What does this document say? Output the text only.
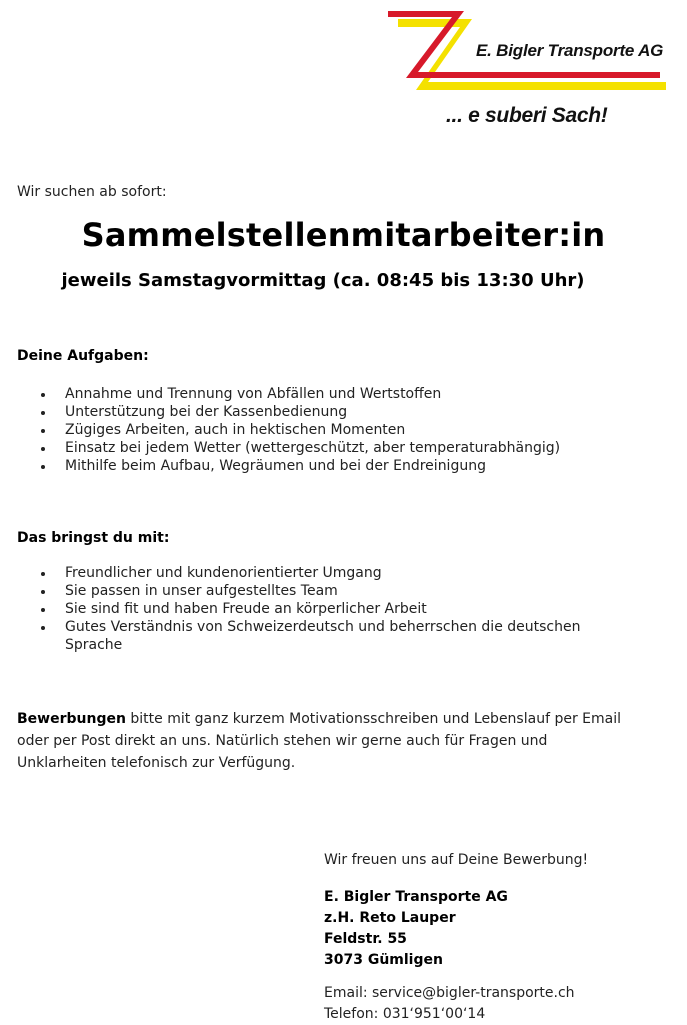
E. Bigler Transporte AG
... e suberi Sach!
Wir suchen ab sofort:
Sammelstellenmitarbeiter:in
jeweils Samstagvormittag (ca. 08:45 bis 13:30 Uhr)
Deine Aufgaben:
Annahme und Trennung von Abfällen und Wertstoffen
Unterstützung bei der Kassenbedienung
Zügiges Arbeiten, auch in hektischen Momenten
Einsatz bei jedem Wetter (wettergeschützt, aber temperaturabhängig)
Mithilfe beim Aufbau, Wegräumen und bei der Endreinigung
Das bringst du mit:
Freundlicher und kundenorientierter Umgang
Sie passen in unser aufgestelltes Team
Sie sind fit und haben Freude an körperlicher Arbeit
Gutes Verständnis von Schweizerdeutsch und beherrschen die deutschen Sprache
Bewerbungen bitte mit ganz kurzem Motivationsschreiben und Lebenslauf per Email oder per Post direkt an uns. Natürlich stehen wir gerne auch für Fragen und Unklarheiten telefonisch zur Verfügung.
Wir freuen uns auf Deine Bewerbung!
E. Bigler Transporte AG
z.H. Reto Lauper
Feldstr. 55
3073 Gümligen
Email: service@bigler-transporte.ch
Telefon: 031‘951‘00‘14
